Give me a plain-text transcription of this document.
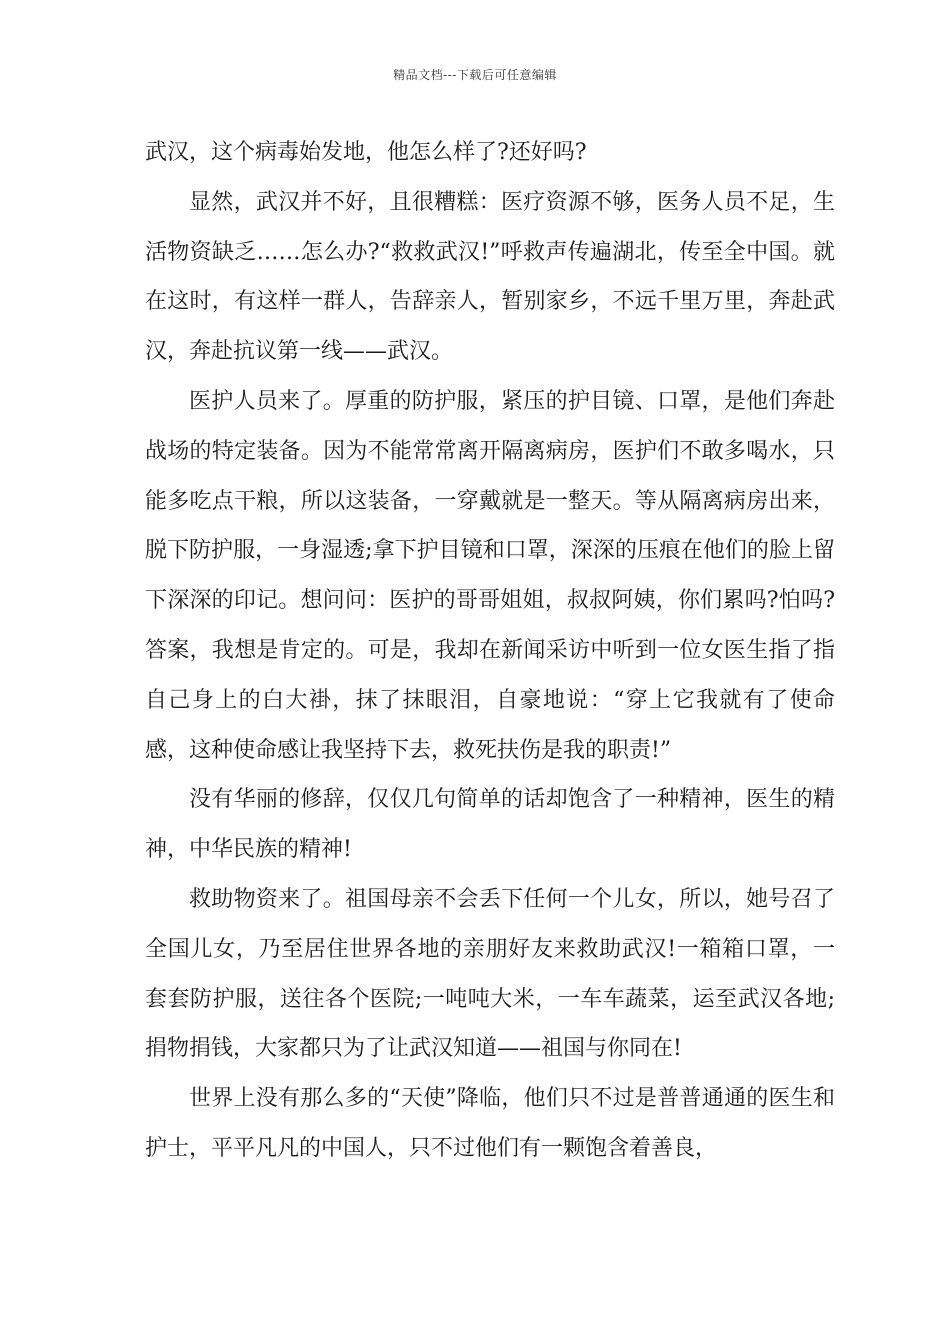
精品文档---下载后可任意编辑

武汉，这个病毒始发地，他怎么样了?还好吗?

显然，武汉并不好，且很糟糕：医疗资源不够，医务人员不足，生活物资缺乏……怎么办?“救救武汉!”呼救声传遍湖北，传至全中国。就在这时，有这样一群人，告辞亲人，暂别家乡，不远千里万里，奔赴武汉，奔赴抗议第一线——武汉。

医护人员来了。厚重的防护服，紧压的护目镜、口罩，是他们奔赴战场的特定装备。因为不能常常离开隔离病房，医护们不敢多喝水，只能多吃点干粮，所以这装备，一穿戴就是一整天。等从隔离病房出来，脱下防护服，一身湿透;拿下护目镜和口罩，深深的压痕在他们的脸上留下深深的印记。想问问：医护的哥哥姐姐，叔叔阿姨，你们累吗?怕吗?答案，我想是肯定的。可是，我却在新闻采访中听到一位女医生指了指自己身上的白大褂，抹了抹眼泪，自豪地说：“穿上它我就有了使命感，这种使命感让我坚持下去，救死扶伤是我的职责!”

没有华丽的修辞，仅仅几句简单的话却饱含了一种精神，医生的精神，中华民族的精神!

救助物资来了。祖国母亲不会丢下任何一个儿女，所以，她号召了全国儿女，乃至居住世界各地的亲朋好友来救助武汉!一箱箱口罩，一套套防护服，送往各个医院;一吨吨大米，一车车蔬菜，运至武汉各地;捐物捐钱，大家都只为了让武汉知道——祖国与你同在!

世界上没有那么多的“天使”降临，他们只不过是普普通通的医生和护士，平平凡凡的中国人，只不过他们有一颗饱含着善良，
